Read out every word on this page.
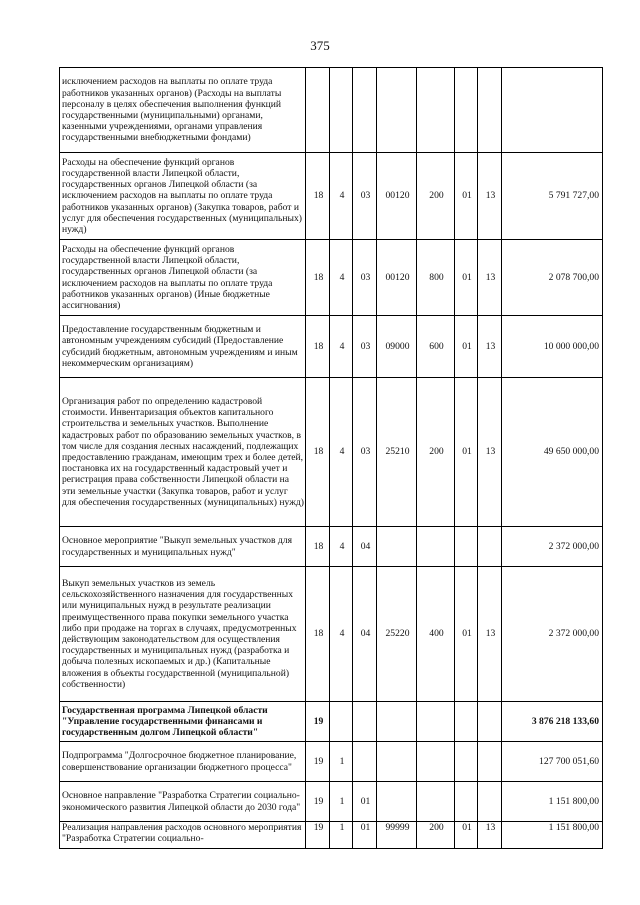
375
исключением расходов на выплаты по оплате труда работников указанных органов) (Расходы на выплаты персоналу в целях обеспечения выполнения функций государственными (муниципальными) органами, казенными учреждениями, органами управления государственными внебюджетными фондами)								
Расходы на обеспечение функций органов государственной власти Липецкой области, государственных органов Липецкой области (за исключением расходов на выплаты по оплате труда работников указанных органов) (Закупка товаров, работ и услуг для обеспечения государственных (муниципальных) нужд)	18	4	03	00120	200	01	13	5 791 727,00
Расходы на обеспечение функций органов государственной власти Липецкой области, государственных органов Липецкой области (за исключением расходов на выплаты по оплате труда работников указанных органов) (Иные бюджетные ассигнования)	18	4	03	00120	800	01	13	2 078 700,00
Предоставление государственным бюджетным и автономным учреждениям субсидий (Предоставление субсидий бюджетным, автономным учреждениям и иным некоммерческим организациям)	18	4	03	09000	600	01	13	10 000 000,00
Организация работ по определению кадастровой стоимости. Инвентаризация объектов капитального строительства и земельных участков. Выполнение кадастровых работ по образованию земельных участков, в том числе для создания лесных насаждений, подлежащих предоставлению гражданам, имеющим трех и более детей, постановка их на государственный кадастровый учет и регистрация права собственности Липецкой области на эти земельные участки (Закупка товаров, работ и услуг для обеспечения государственных (муниципальных) нужд)	18	4	03	25210	200	01	13	49 650 000,00
Основное мероприятие "Выкуп земельных участков для государственных и муниципальных нужд"	18	4	04					2 372 000,00
Выкуп земельных участков из земель сельскохозяйственного назначения для государственных или муниципальных нужд в результате реализации преимущественного права покупки земельного участка либо при продаже на торгах в случаях, предусмотренных действующим законодательством для осуществления государственных и муниципальных нужд (разработка и добыча полезных ископаемых и др.) (Капитальные вложения в объекты государственной (муниципальной) собственности)	18	4	04	25220	400	01	13	2 372 000,00
Государственная программа Липецкой области "Управление государственными финансами и государственным долгом Липецкой области"	19							3 876 218 133,60
Подпрограмма "Долгосрочное бюджетное планирование, совершенствование организации бюджетного процесса"	19	1						127 700 051,60
Основное направление "Разработка Стратегии социально-экономического развития Липецкой области до 2030 года"	19	1	01					1 151 800,00
Реализация направления расходов основного мероприятия "Разработка Стратегии социально-	19	1	01	99999	200	01	13	1 151 800,00
